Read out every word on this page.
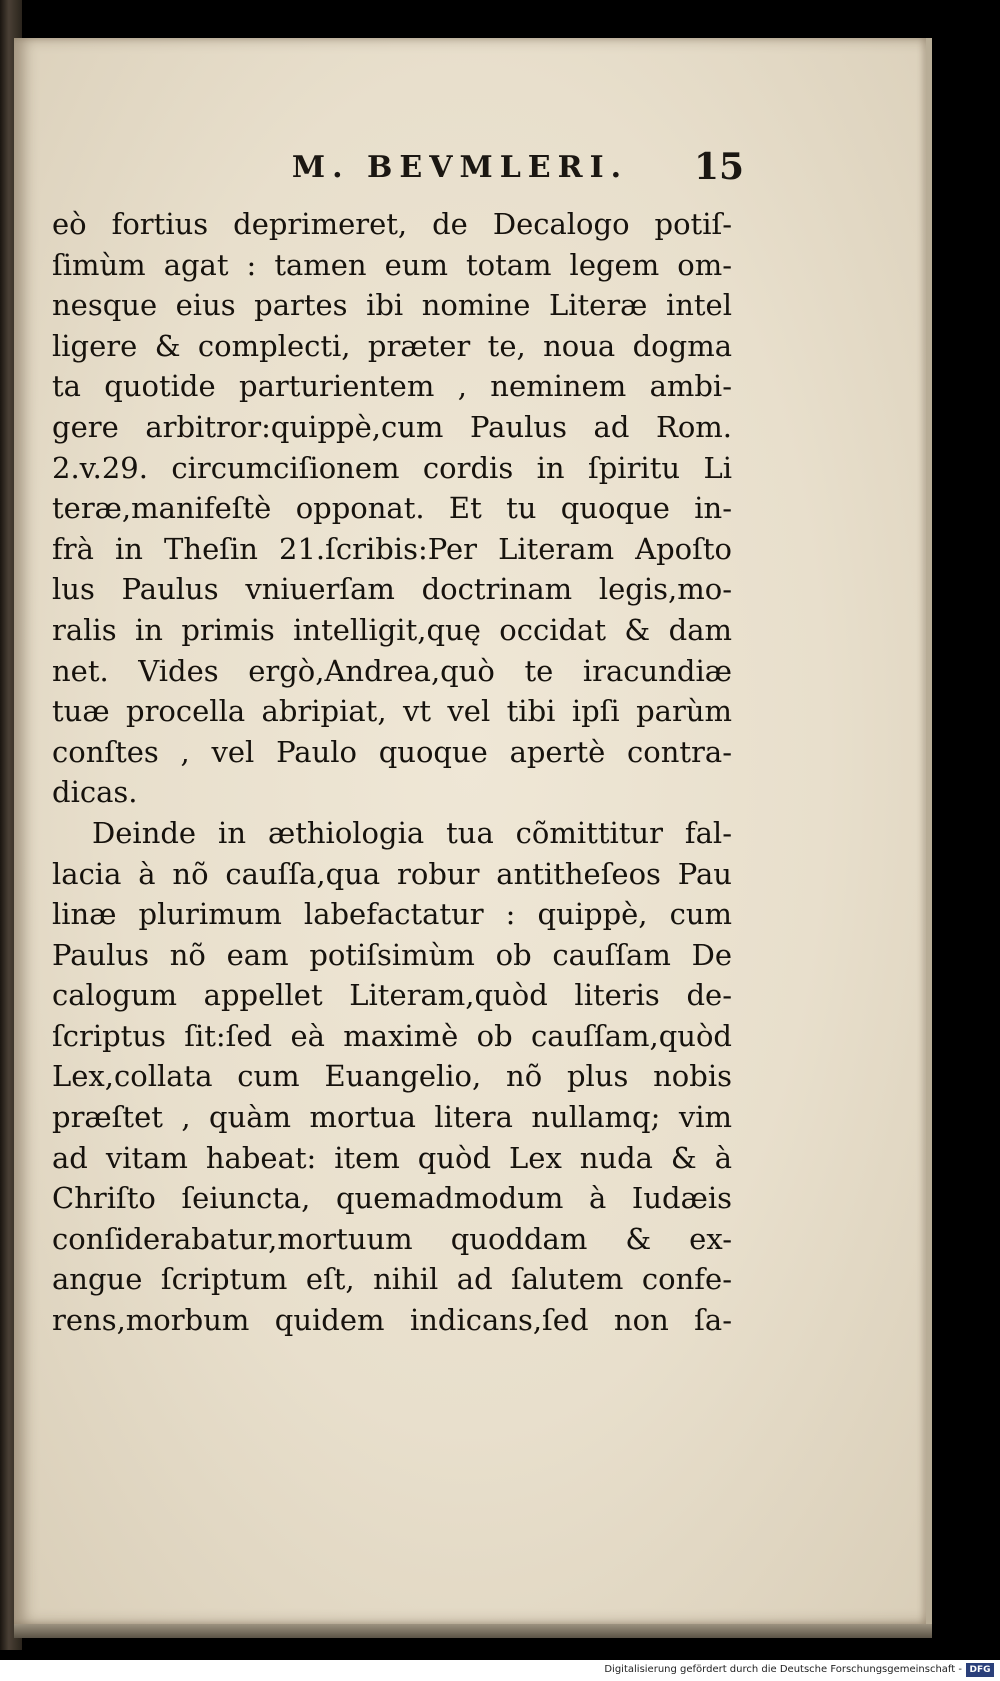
M. BEVMLERI.	15
eò fortius deprimeret, de Decalogo potiſ-
ſimùm agat : tamen eum totam legem om-
nesque eius partes ibi nomine Literæ intel
ligere & complecti, præter te, noua dogma
ta quotide parturientem , neminem ambi-
gere arbitror:quippè,cum Paulus ad Rom.
2.v.29. circumciſionem cordis in ſpiritu Li
teræ,manifeſtè opponat. Et tu quoque in-
frà in Theſin 21.ſcribis:Per Literam Apoſto
lus Paulus vniuerſam doctrinam legis,mo-
ralis in primis intelligit,quę occidat & dam
net. Vides ergò,Andrea,quò te iracundiæ
tuæ procella abripiat, vt vel tibi ipſi parùm
conſtes , vel Paulo quoque apertè contra-
dicas.
Deinde in æthiologia tua cõmittitur fal-
lacia à nõ cauſſa,qua robur antitheſeos Pau
linæ plurimum labefactatur : quippè, cum
Paulus nõ eam potiſsimùm ob cauſſam De
calogum appellet Literam,quòd literis de-
ſcriptus ſit:ſed eà maximè ob cauſſam,quòd
Lex,collata cum Euangelio, nõ plus nobis
præſtet , quàm mortua litera nullamq; vim
ad vitam habeat: item quòd Lex nuda & à
Chriſto ſeiuncta, quemadmodum à Iudæis
conſiderabatur,mortuum quoddam & ex-
angue ſcriptum eſt, nihil ad ſalutem confe-
rens,morbum quidem indicans,ſed non ſa-
Digitalisierung gefördert durch die Deutsche Forschungsgemeinschaft - DFG
